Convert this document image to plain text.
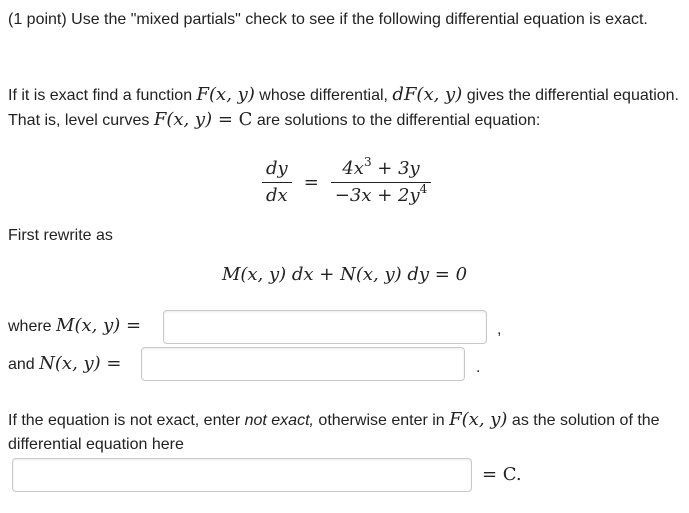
(1 point) Use the "mixed partials" check to see if the following differential equation is exact.

If it is exact find a function F(x, y) whose differential, dF(x, y) gives the differential equation. That is, level curves F(x, y) = C are solutions to the differential equation:

$\frac{dy}{dx} = \frac{4x^3 + 3y}{-3x + 2y^4}$

First rewrite as

M(x, y) dx + N(x, y) dy = 0
where M(x, y) =	,
and N(x, y) =	.

If the equation is not exact, enter not exact, otherwise enter in F(x, y) as the solution of the differential equation here

= C.
